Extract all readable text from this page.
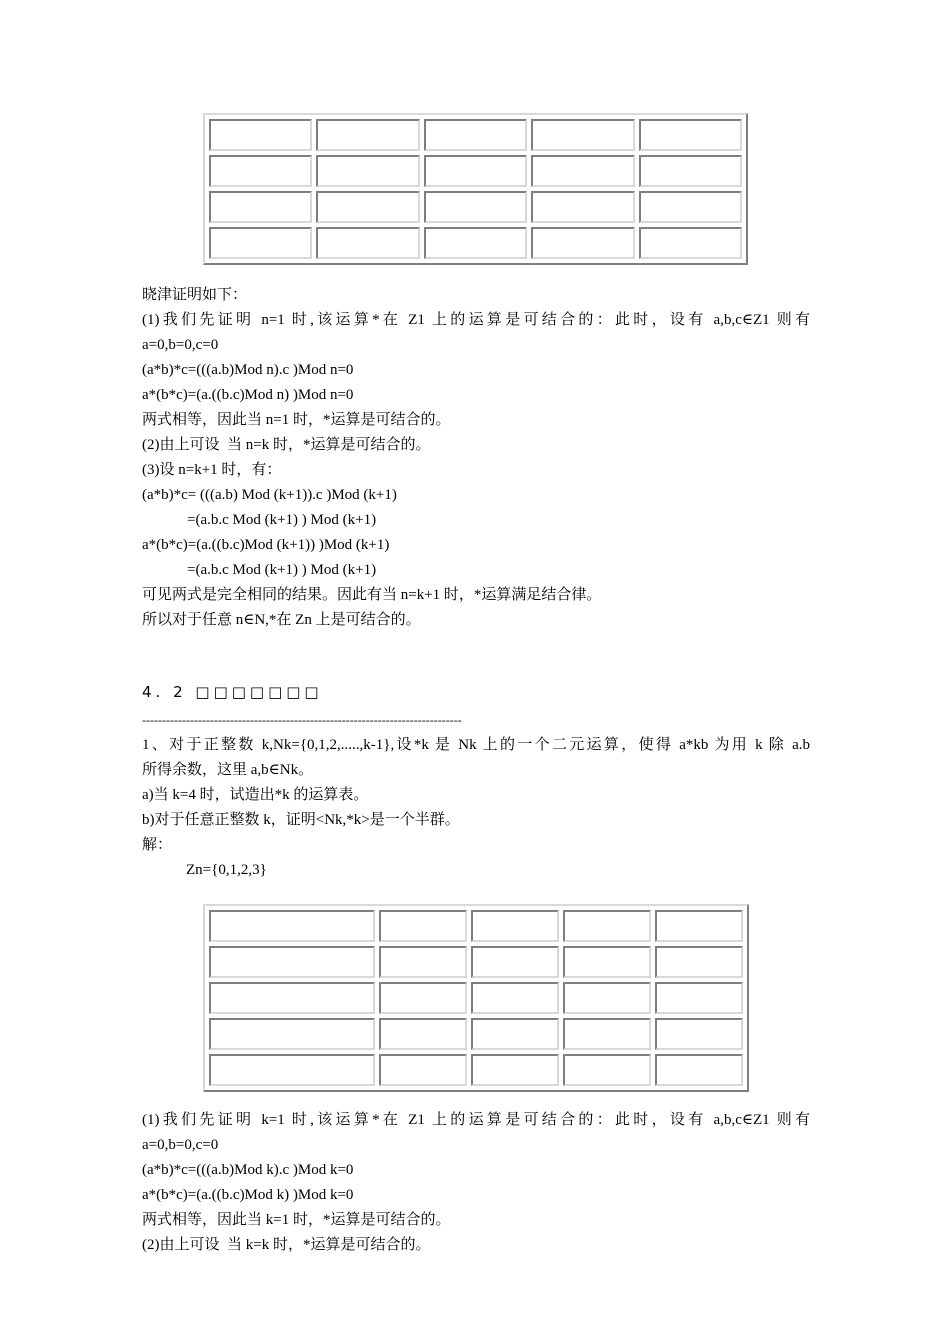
晓津证明如下：
(1)我们先证明 n=1 时,该运算*在 Z1 上的运算是可结合的：此时，设有 a,b,c∈Z1 则有
a=0,b=0,c=0
(a*b)*c=(((a.b)Mod n).c )Mod n=0
a*(b*c)=(a.((b.c)Mod n) )Mod n=0
两式相等，因此当 n=1 时，*运算是可结合的。
(2)由上可设  当 n=k 时，*运算是可结合的。
(3)设 n=k+1 时，有：
(a*b)*c= (((a.b) Mod (k+1)).c )Mod (k+1)
=(a.b.c Mod (k+1) ) Mod (k+1)
a*(b*c)=(a.((b.c)Mod (k+1)) )Mod (k+1)
=(a.b.c Mod (k+1) ) Mod (k+1)
可见两式是完全相同的结果。因此有当 n=k+1 时，*运算满足结合律。
所以对于任意 n∈N,*在 Zn 上是可结合的。
4. 2 □□□□□□□
--------------------------------------------------------------------------------
1、对于正整数 k,Nk={0,1,2,.....,k-1},设*k 是 Nk 上的一个二元运算，使得 a*kb 为用 k 除 a.b
所得余数，这里 a,b∈Nk。
a)当 k=4 时，试造出*k 的运算表。
b)对于任意正整数 k，证明<Nk,*k>是一个半群。
解：
Zn={0,1,2,3}

(1)我们先证明 k=1 时,该运算*在 Z1 上的运算是可结合的：此时，设有 a,b,c∈Z1 则有
a=0,b=0,c=0
(a*b)*c=(((a.b)Mod k).c )Mod k=0
a*(b*c)=(a.((b.c)Mod k) )Mod k=0
两式相等，因此当 k=1 时，*运算是可结合的。
(2)由上可设  当 k=k 时，*运算是可结合的。
